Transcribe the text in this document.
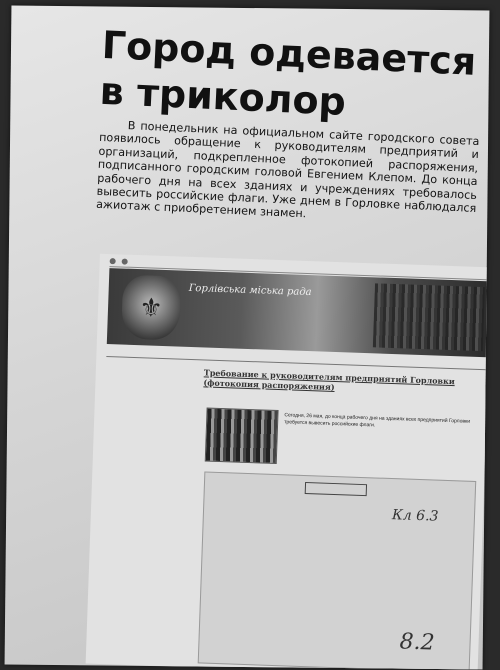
Город одевается в триколор

В понедельник на официальном сайте городского совета появилось обращение к руководителям предприятий и организаций, подкрепленное фотокопией распоряжения, подписанного городским головой Евгением Клепом. До конца рабочего дня на всех зданиях и учреждениях требовалось вывесить российские флаги. Уже днем в Горловке наблюдался ажиотаж с приобретением знамен.

⚜
Горлівська міська рада
Требование к руководителям предприятий Горловки (фотокопия распоряжения)
Сегодня, 26 мая, до конца рабочего дня на зданиях всех предприятий Горловки требуется вывесить российские флаги.
Кл 6.3
8.2
